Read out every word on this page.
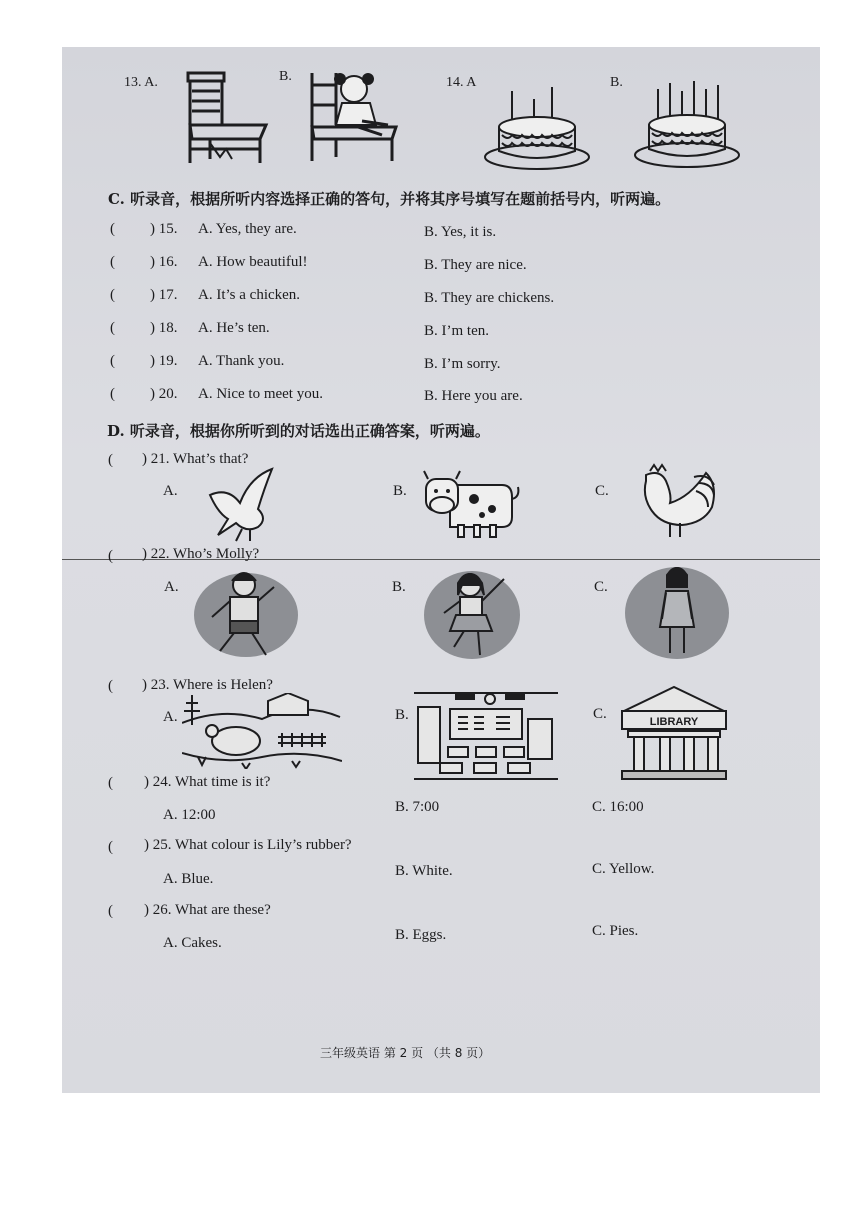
13. A.	B.	14. A	B.
C. 听录音，根据所听内容选择正确的答句，并将其序号填写在题前括号内，听两遍。
( ) 15. A. Yes, they are.	B. Yes, it is.
( ) 16. A. How beautiful!	B. They are nice.
( ) 17. A. It’s a chicken.	B. They are chickens.
( ) 18. A. He’s ten.	B. I’m ten.
( ) 19. A. Thank you.	B. I’m sorry.
( ) 20. A. Nice to meet you.	B. Here you are.
D. 听录音，根据你所听到的对话选出正确答案，听两遍。
( ) 21. What’s that?
A.	B.	C.
( ) 22. Who’s Molly?
A.	B.	C.
( ) 23. Where is Helen?
A.	B.	C.	LIBRARY
( ) 24. What time is it?
A. 12:00	B. 7:00	C. 16:00
( ) 25. What colour is Lily’s rubber?
A. Blue.	B. White.	C. Yellow.
( ) 26. What are these?
A. Cakes.	B. Eggs.	C. Pies.
三年级英语 第 2 页 （共 8 页）
